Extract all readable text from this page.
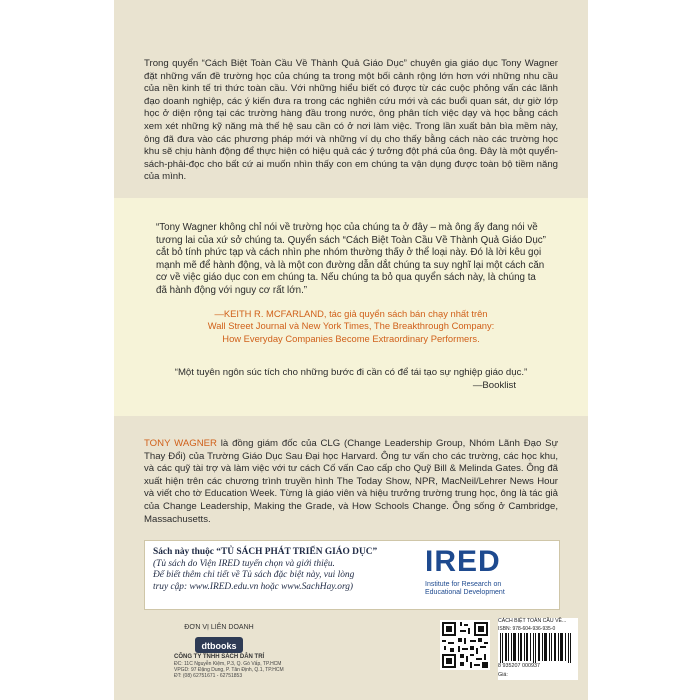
Trong quyển “Cách Biệt Toàn Cầu Về Thành Quả Giáo Dục” chuyên gia giáo dục Tony Wagner đặt những vấn đề trường học của chúng ta trong một bối cảnh rộng lớn hơn với những nhu cầu của nền kinh tế tri thức toàn cầu. Với những hiểu biết có được từ các cuộc phỏng vấn các lãnh đạo doanh nghiệp, các ý kiến đưa ra trong các nghiên cứu mới và các buổi quan sát, dự giờ lớp học ở diện rộng tại các trường hàng đầu trong nước, ông phân tích việc dạy và học bằng cách xem xét những kỹ năng mà thế hệ sau cần có ở nơi làm việc. Trong lần xuất bản bìa mềm này, ông đã đưa vào các phương pháp mới và những ví dụ cho thấy bằng cách nào các trường học khu sẽ chịu hành động để thực hiện có hiệu quả các ý tưởng đột phá của ông. Đây là một quyển-sách-phải-đọc cho bất cứ ai muốn nhìn thấy con em chúng ta vận dụng được toàn bộ tiềm năng của mình.

“Tony Wagner không chỉ nói về trường học của chúng ta ở đây – mà ông ấy đang nói về tương lai của xứ sở chúng ta. Quyển sách “Cách Biệt Toàn Cầu Về Thành Quả Giáo Dục” cắt bỏ tính phức tạp và cách nhìn phe nhóm thường thấy ở thể loại này. Đó là lời kêu gọi mạnh mẽ để hành động, và là một con đường dẫn dắt chúng ta suy nghĩ lại một cách căn cơ về việc giáo dục con em chúng ta. Nếu chúng ta bỏ qua quyển sách này, là chúng ta đã hành động với nguy cơ rất lớn.”

—KEITH R. MCFARLAND, tác giả quyển sách bán chạy nhất trên
Wall Street Journal và New York Times, The Breakthrough Company:
How Everyday Companies Become Extraordinary Performers.

“Một tuyên ngôn súc tích cho những bước đi cần có để tái tạo sự nghiệp giáo dục.”

—Booklist

TONY WAGNER là đồng giám đốc của CLG (Change Leadership Group, Nhóm Lãnh Đạo Sự Thay Đổi) của Trường Giáo Dục Sau Đại học Harvard. Ông tư vấn cho các trường, các học khu, và các quỹ tài trợ và làm việc với tư cách Cố vấn Cao cấp cho Quỹ Bill & Melinda Gates. Ông đã xuất hiện trên các chương trình truyền hình The Today Show, NPR, MacNeil/Lehrer News Hour và viết cho tờ Education Week. Từng là giáo viên và hiệu trưởng trường trung học, ông là tác giả của Change Leadership, Making the Grade, và How Schools Change. Ông sống ở Cambridge, Massachusetts.

Sách này thuộc “TỦ SÁCH PHÁT TRIỂN GIÁO DỤC”
(Tủ sách do Viện IRED tuyển chọn và giới thiệu.
Để biết thêm chi tiết về Tủ sách đặc biệt này, vui lòng
truy cập: www.IRED.edu.vn hoặc www.SachHay.org)
IRED
Institute for Research on
Educational Development
ĐƠN VỊ LIÊN DOANH
dtbooks
CÔNG TY TNHH SÁCH DÂN TRÍ
ĐC: 11C Nguyễn Kiệm, P.3, Q. Gò Vấp, TP.HCM
VPGD: 97 Đặng Dung, P. Tân Định, Q.1, TP.HCM
ĐT: (08) 62751671 - 62751853
CÁCH BIỆT TOÀN CẦU VỀ...
ISBN: 978-604-936-935-0
8 935207 000937
Giá:
